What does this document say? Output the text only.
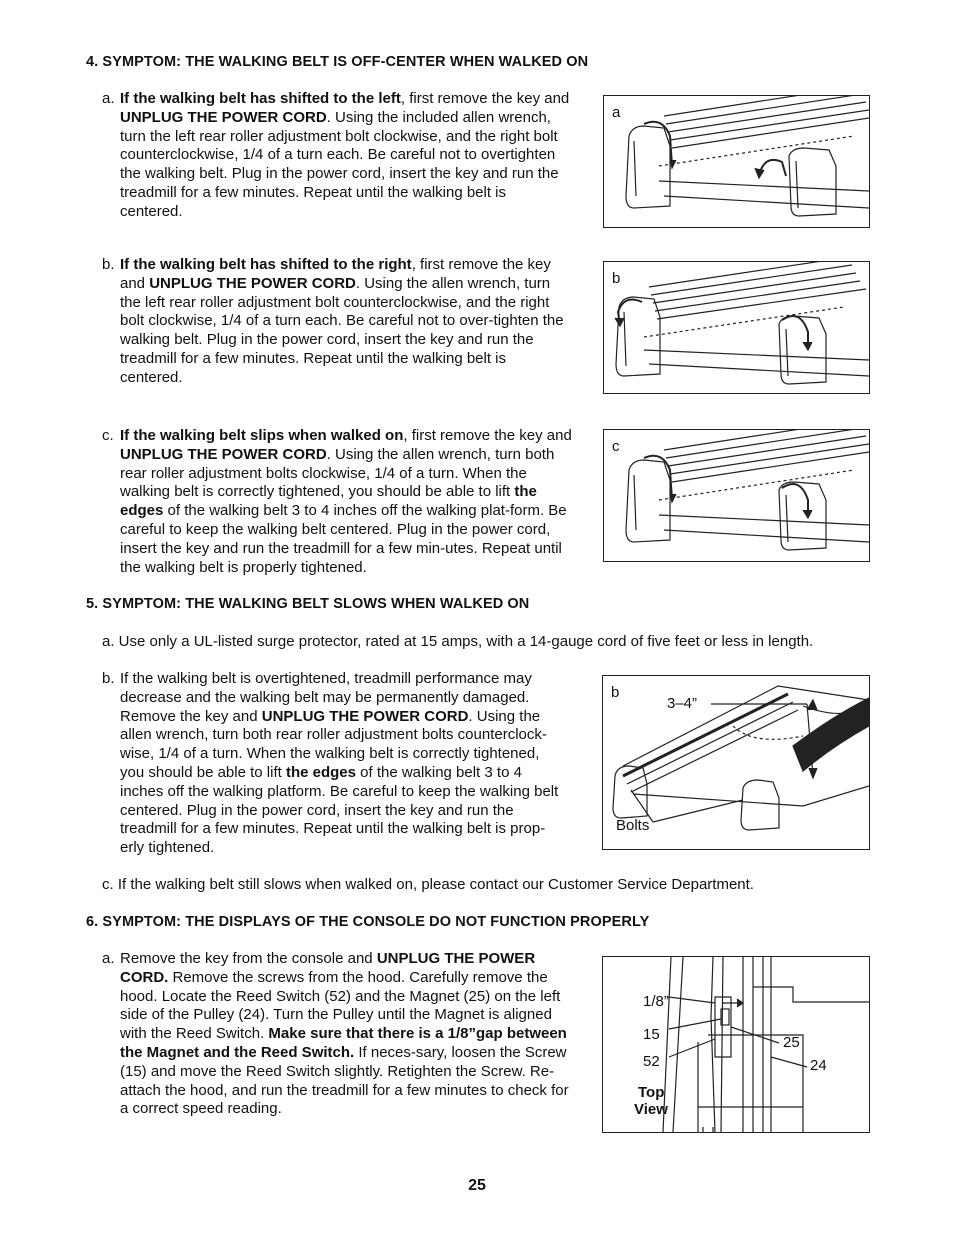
4. SYMPTOM: THE WALKING BELT IS OFF-CENTER WHEN WALKED ON
a. If the walking belt has shifted to the left, first remove the key and UNPLUG THE POWER CORD. Using the included allen wrench, turn the left rear roller adjustment bolt clockwise, and the right bolt counterclockwise, 1/4 of a turn each. Be careful not to overtighten the walking belt. Plug in the power cord, insert the key and run the treadmill for a few minutes. Repeat until the walking belt is centered.
a
b. If the walking belt has shifted to the right, first remove the key and UNPLUG THE POWER CORD. Using the allen wrench, turn the left rear roller adjustment bolt counterclockwise, and the right bolt clockwise, 1/4 of a turn each. Be careful not to over-tighten the walking belt. Plug in the power cord, insert the key and run the treadmill for a few minutes. Repeat until the walking belt is centered.
b
c. If the walking belt slips when walked on, first remove the key and UNPLUG THE POWER CORD. Using the allen wrench, turn both rear roller adjustment bolts clockwise, 1/4 of a turn. When the walking belt is correctly tightened, you should be able to lift the edges of the walking belt 3 to 4 inches off the walking plat-form. Be careful to keep the walking belt centered. Plug in the power cord, insert the key and run the treadmill for a few min-utes. Repeat until the walking belt is properly tightened.
c
5. SYMPTOM: THE WALKING BELT SLOWS WHEN WALKED ON
a. Use only a UL-listed surge protector, rated at 15 amps, with a 14-gauge cord of five feet or less in length.
b. If the walking belt is overtightened, treadmill performance may decrease and the walking belt may be permanently damaged. Remove the key and UNPLUG THE POWER CORD. Using the allen wrench, turn both rear roller adjustment bolts counterclock-wise, 1/4 of a turn. When the walking belt is correctly tightened, you should be able to lift the edges of the walking belt 3 to 4 inches off the walking platform. Be careful to keep the walking belt centered. Plug in the power cord, insert the key and run the treadmill for a few minutes. Repeat until the walking belt is prop-erly tightened.
b
3–4”
Bolts
c. If the walking belt still slows when walked on, please contact our Customer Service Department.
6. SYMPTOM: THE DISPLAYS OF THE CONSOLE DO NOT FUNCTION PROPERLY
a. Remove the key from the console and UNPLUG THE POWER CORD. Remove the screws from the hood. Carefully remove the hood. Locate the Reed Switch (52) and the Magnet (25) on the left side of the Pulley (24). Turn the Pulley until the Magnet is aligned with the Reed Switch. Make sure that there is a 1/8”gap between the Magnet and the Reed Switch. If neces-sary, loosen the Screw (15) and move the Reed Switch slightly. Retighten the Screw. Re-attach the hood, and run the treadmill for a few minutes to check for a correct speed reading.
1/8”
15
52
25
24
Top
View
25
